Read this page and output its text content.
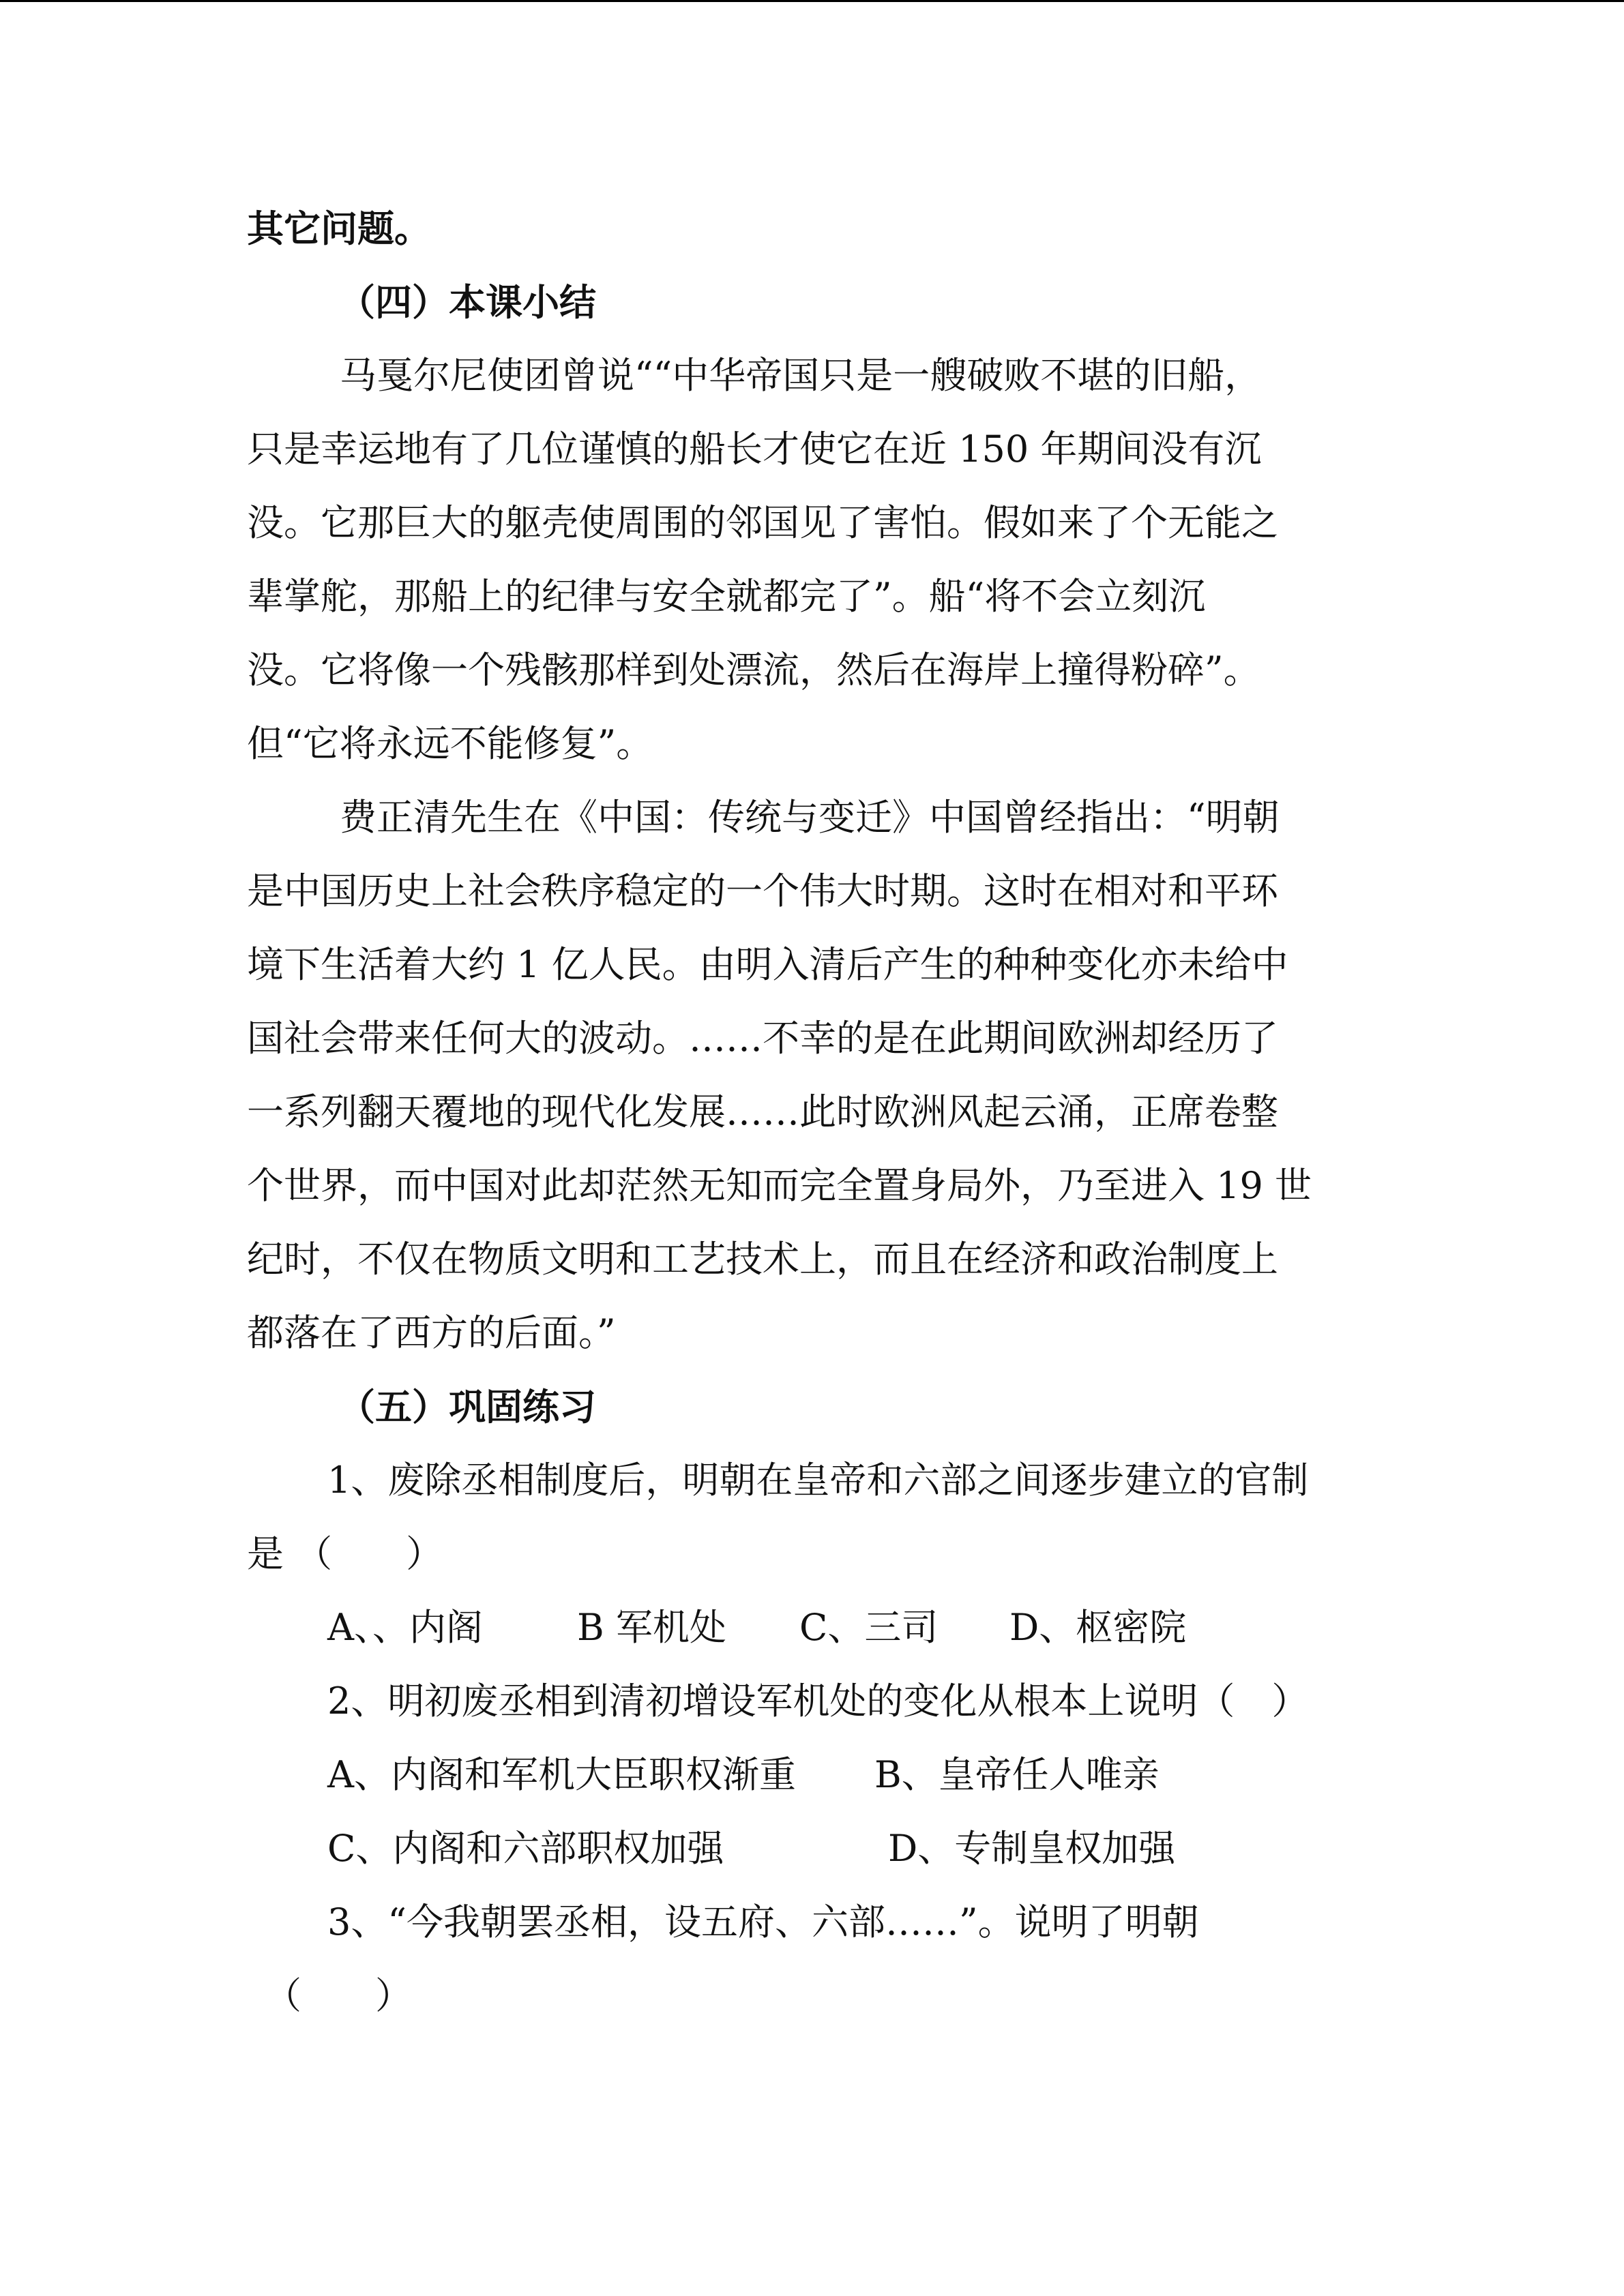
其它问题。
（四）本课小结
马戛尔尼使团曾说““中华帝国只是一艘破败不堪的旧船，
只是幸运地有了几位谨慎的船长才使它在近 150 年期间没有沉
没。它那巨大的躯壳使周围的邻国见了害怕。假如来了个无能之
辈掌舵，那船上的纪律与安全就都完了”。船“将不会立刻沉
没。它将像一个残骸那样到处漂流，然后在海岸上撞得粉碎”。
但“它将永远不能修复”。
费正清先生在《中国：传统与变迁》中国曾经指出：“明朝
是中国历史上社会秩序稳定的一个伟大时期。这时在相对和平环
境下生活着大约 1 亿人民。由明入清后产生的种种变化亦未给中
国社会带来任何大的波动。……不幸的是在此期间欧洲却经历了
一系列翻天覆地的现代化发展……此时欧洲风起云涌，正席卷整
个世界，而中国对此却茫然无知而完全置身局外，乃至进入 19 世
纪时，不仅在物质文明和工艺技术上，而且在经济和政治制度上
都落在了西方的后面。”
（五）巩固练习
1、废除丞相制度后，明朝在皇帝和六部之间逐步建立的官制
是 （　　）
A、、内阁	B 军机处 C、三司 D、枢密院
2、明初废丞相到清初增设军机处的变化从根本上说明（　）
A、内阁和军机大臣职权渐重 B、皇帝任人唯亲
C、内阁和六部职权加强	D、专制皇权加强
3、“今我朝罢丞相，设五府、六部……”。说明了明朝
（　　）
